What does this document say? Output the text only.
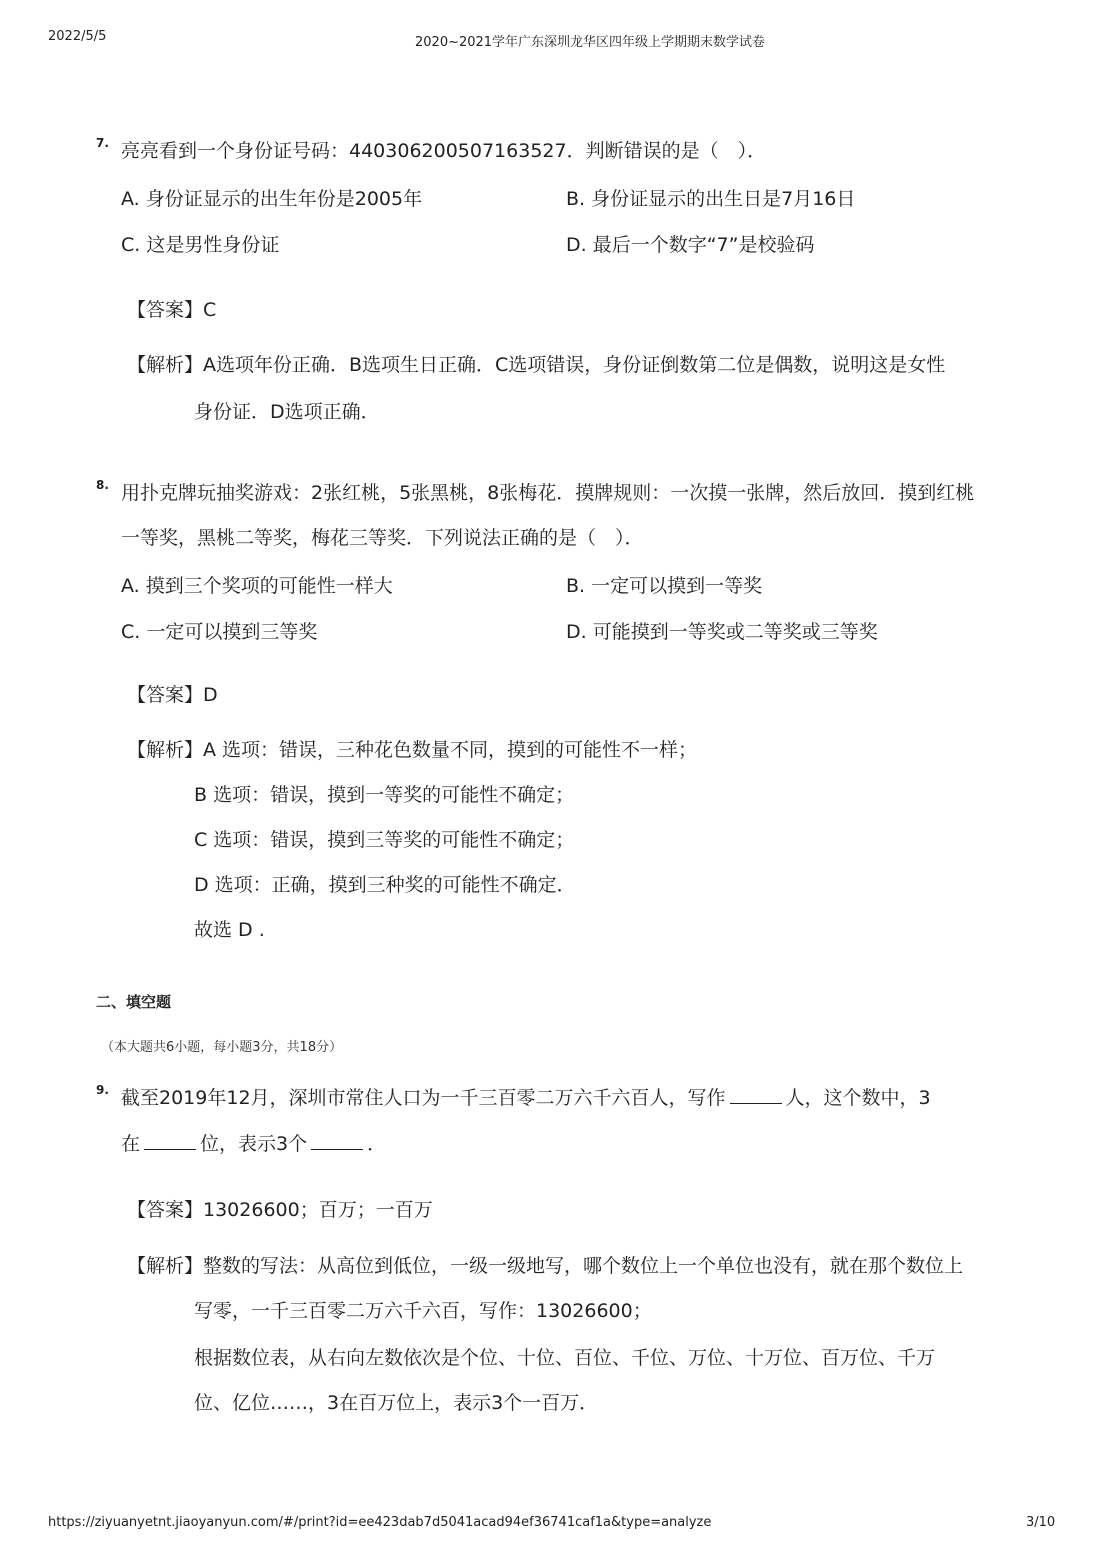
2022/5/5	2020~2021学年广东深圳龙华区四年级上学期期末数学试卷
7. 亮亮看到一个身份证号码：440306200507163527．判断错误的是（　）．
A. 身份证显示的出生年份是2005年	B. 身份证显示的出生日是7月16日
C. 这是男性身份证	D. 最后一个数字“7”是校验码
【答案】C
【解析】A选项年份正确．B选项生日正确．C选项错误，身份证倒数第二位是偶数，说明这是女性
身份证．D选项正确．
8. 用扑克牌玩抽奖游戏：2张红桃，5张黑桃，8张梅花．摸牌规则：一次摸一张牌，然后放回．摸到红桃
一等奖，黑桃二等奖，梅花三等奖．下列说法正确的是（　）．
A. 摸到三个奖项的可能性一样大	B. 一定可以摸到一等奖
C. 一定可以摸到三等奖	D. 可能摸到一等奖或二等奖或三等奖
【答案】D
【解析】A 选项：错误，三种花色数量不同，摸到的可能性不一样；
B 选项：错误，摸到一等奖的可能性不确定；
C 选项：错误，摸到三等奖的可能性不确定；
D 选项：正确，摸到三种奖的可能性不确定．
故选 D .
二、填空题
（本大题共6小题，每小题3分，共18分）
9. 截至2019年12月，深圳市常住人口为一千三百零二万六千六百人，写作	人，这个数中，3
在	位，表示3个	．
【答案】13026600；百万；一百万
【解析】整数的写法：从高位到低位，一级一级地写，哪个数位上一个单位也没有，就在那个数位上
写零，一千三百零二万六千六百，写作：13026600；
根据数位表，从右向左数依次是个位、十位、百位、千位、万位、十万位、百万位、千万
位、亿位……，3在百万位上，表示3个一百万．
https://ziyuanyetnt.jiaoyanyun.com/#/print?id=ee423dab7d5041acad94ef36741caf1a&type=analyze	3/10
